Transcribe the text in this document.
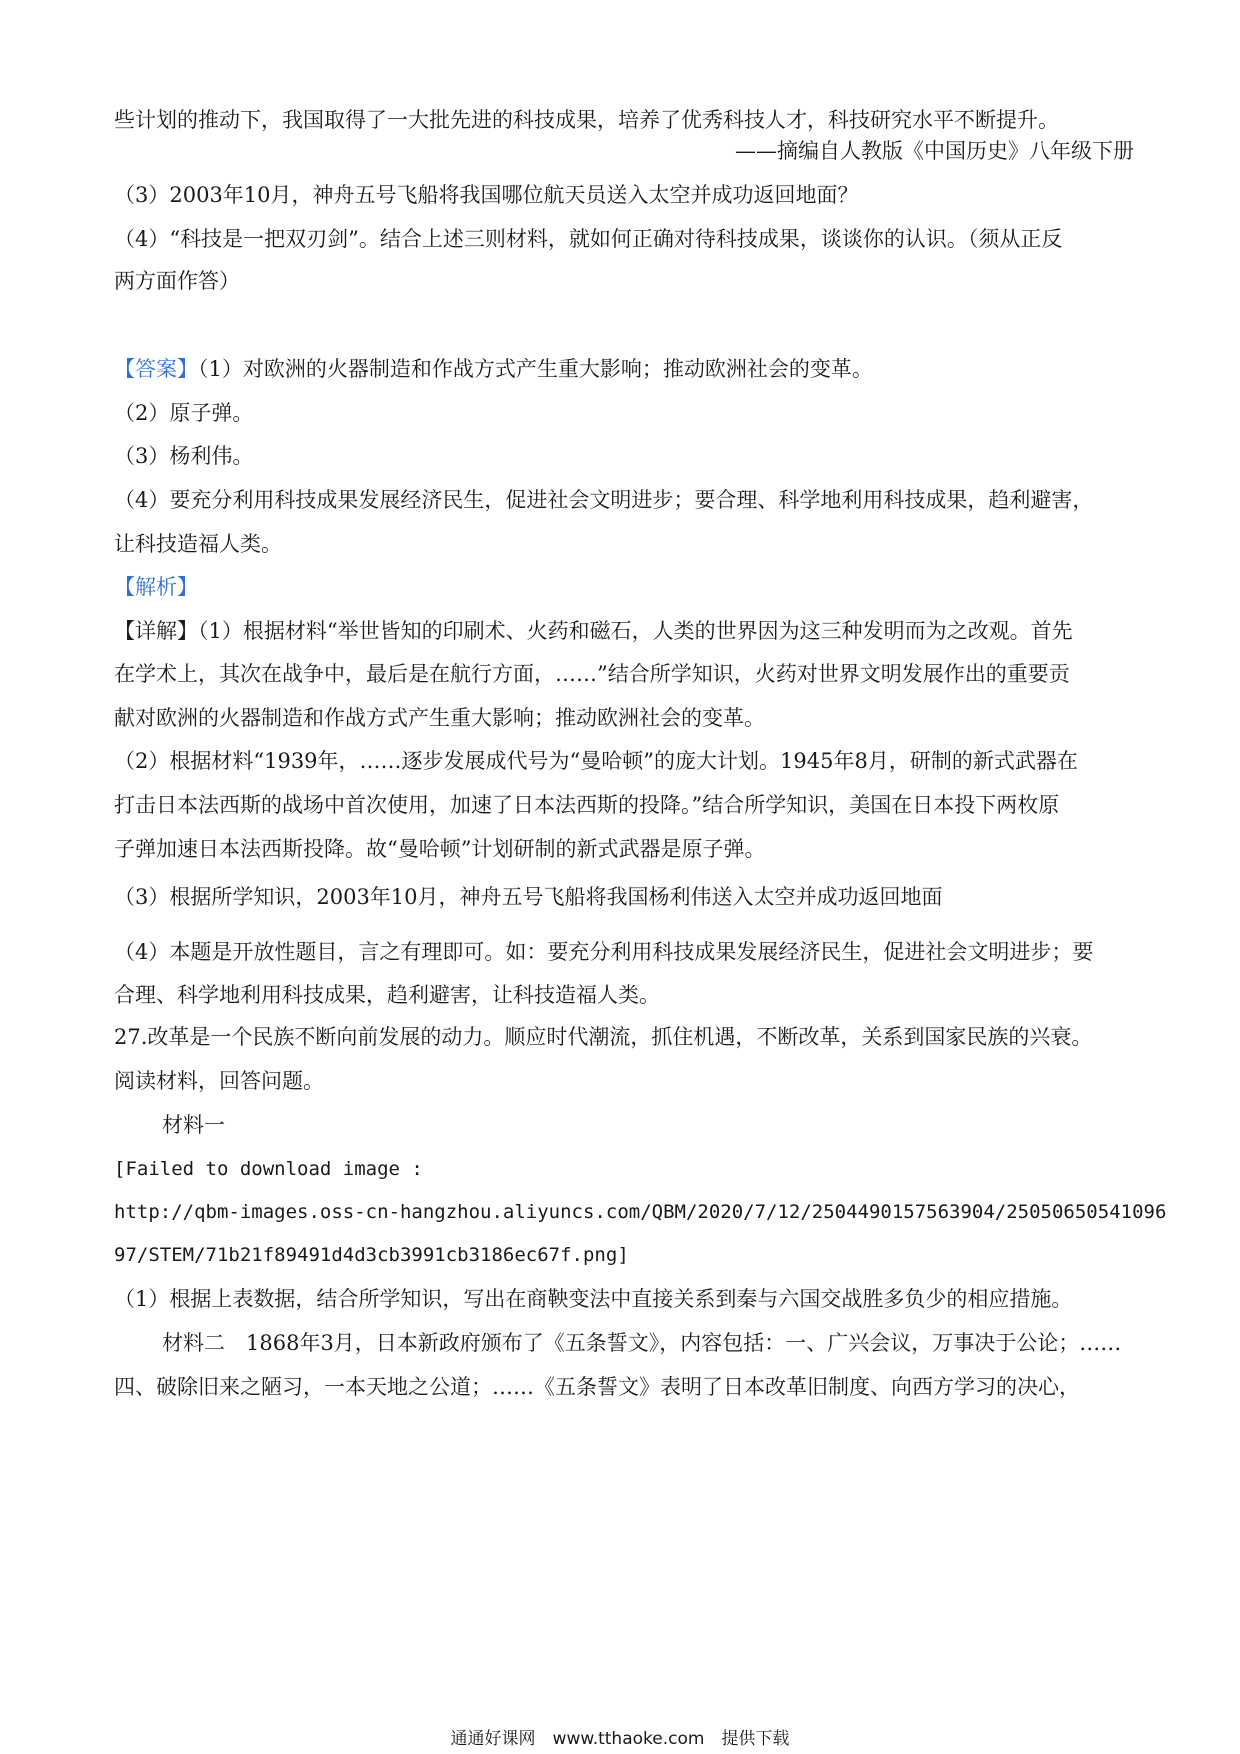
些计划的推动下，我国取得了一大批先进的科技成果，培养了优秀科技人才，科技研究水平不断提升。
——摘编自人教版《中国历史》八年级下册
（3）2003年10月，神舟五号飞船将我国哪位航天员送入太空并成功返回地面？
（4）“科技是一把双刃剑”。结合上述三则材料，就如何正确对待科技成果，谈谈你的认识。（须从正反
两方面作答）
【答案】（1）对欧洲的火器制造和作战方式产生重大影响；推动欧洲社会的变革。
（2）原子弹。
（3）杨利伟。
（4）要充分利用科技成果发展经济民生，促进社会文明进步；要合理、科学地利用科技成果，趋利避害，
让科技造福人类。
【解析】
【详解】（1）根据材料“举世皆知的印刷术、火药和磁石，人类的世界因为这三种发明而为之改观。首先
在学术上，其次在战争中，最后是在航行方面，……”结合所学知识，火药对世界文明发展作出的重要贡
献对欧洲的火器制造和作战方式产生重大影响；推动欧洲社会的变革。
（2）根据材料“1939年，……逐步发展成代号为“曼哈顿”的庞大计划。1945年8月，研制的新式武器在
打击日本法西斯的战场中首次使用，加速了日本法西斯的投降。”结合所学知识，美国在日本投下两枚原
子弹加速日本法西斯投降。故“曼哈顿”计划研制的新式武器是原子弹。
（3）根据所学知识，2003年10月，神舟五号飞船将我国杨利伟送入太空并成功返回地面
（4）本题是开放性题目，言之有理即可。如：要充分利用科技成果发展经济民生，促进社会文明进步；要
合理、科学地利用科技成果，趋利避害，让科技造福人类。
27.改革是一个民族不断向前发展的动力。顺应时代潮流，抓住机遇，不断改革，关系到国家民族的兴衰。
阅读材料，回答问题。
材料一
[Failed to download image :
http://qbm-images.oss-cn-hangzhou.aliyuncs.com/QBM/2020/7/12/2504490157563904/25050650541096
97/STEM/71b21f89491d4d3cb3991cb3186ec67f.png]
（1）根据上表数据，结合所学知识，写出在商鞅变法中直接关系到秦与六国交战胜多负少的相应措施。
材料二　1868年3月，日本新政府颁布了《五条誓文》，内容包括：一、广兴会议，万事决于公论；……
四、破除旧来之陋习，一本天地之公道；……《五条誓文》表明了日本改革旧制度、向西方学习的决心，
通通好课网　www.tthaoke.com　提供下载
